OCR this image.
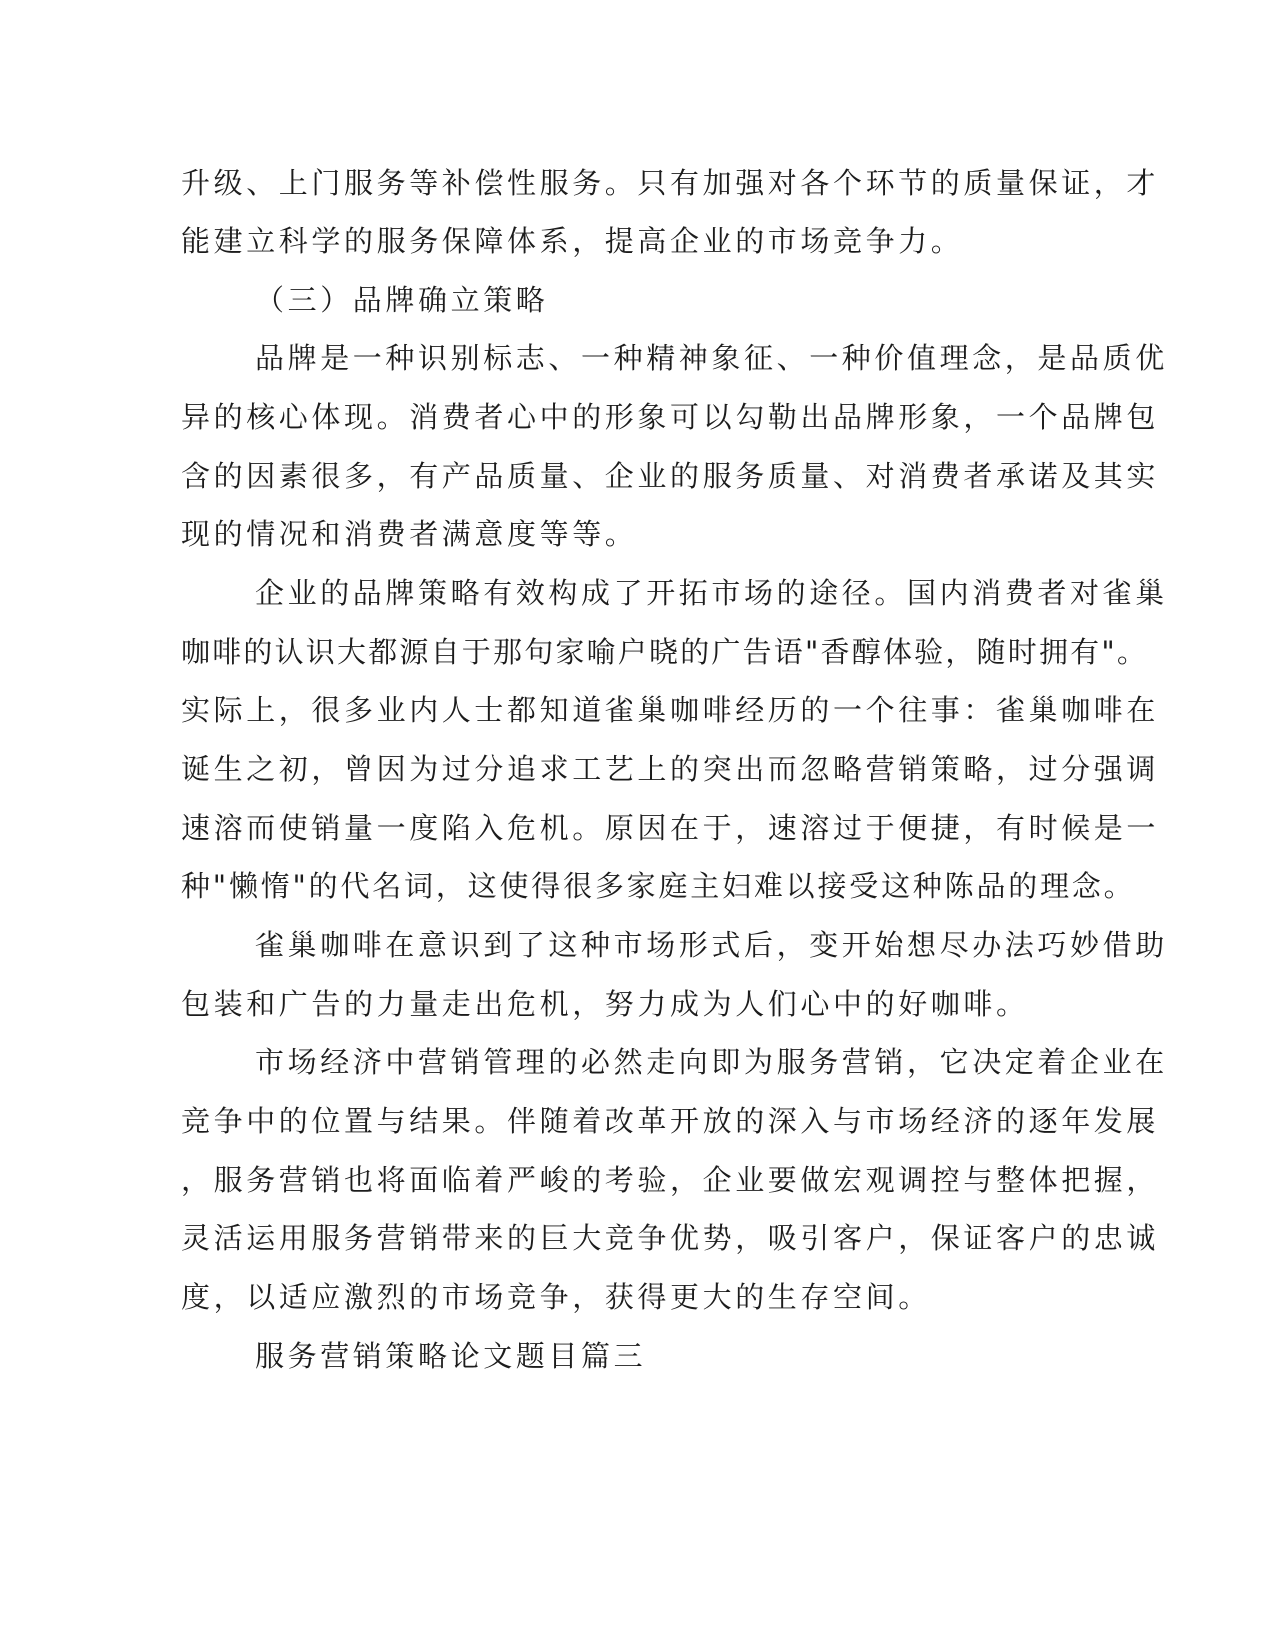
升级、上门服务等补偿性服务。只有加强对各个环节的质量保证，才
能建立科学的服务保障体系，提高企业的市场竞争力。
（三）品牌确立策略
品牌是一种识别标志、一种精神象征、一种价值理念，是品质优
异的核心体现。消费者心中的形象可以勾勒出品牌形象，一个品牌包
含的因素很多，有产品质量、企业的服务质量、对消费者承诺及其实
现的情况和消费者满意度等等。
企业的品牌策略有效构成了开拓市场的途径。国内消费者对雀巢
咖啡的认识大都源自于那句家喻户晓的广告语"香醇体验，随时拥有"。
实际上，很多业内人士都知道雀巢咖啡经历的一个往事：雀巢咖啡在
诞生之初，曾因为过分追求工艺上的突出而忽略营销策略，过分强调
速溶而使销量一度陷入危机。原因在于，速溶过于便捷，有时候是一
种"懒惰"的代名词，这使得很多家庭主妇难以接受这种陈品的理念。
雀巢咖啡在意识到了这种市场形式后，变开始想尽办法巧妙借助
包装和广告的力量走出危机，努力成为人们心中的好咖啡。
市场经济中营销管理的必然走向即为服务营销，它决定着企业在
竞争中的位置与结果。伴随着改革开放的深入与市场经济的逐年发展
，服务营销也将面临着严峻的考验，企业要做宏观调控与整体把握，
灵活运用服务营销带来的巨大竞争优势，吸引客户，保证客户的忠诚
度，以适应激烈的市场竞争，获得更大的生存空间。
服务营销策略论文题目篇三
